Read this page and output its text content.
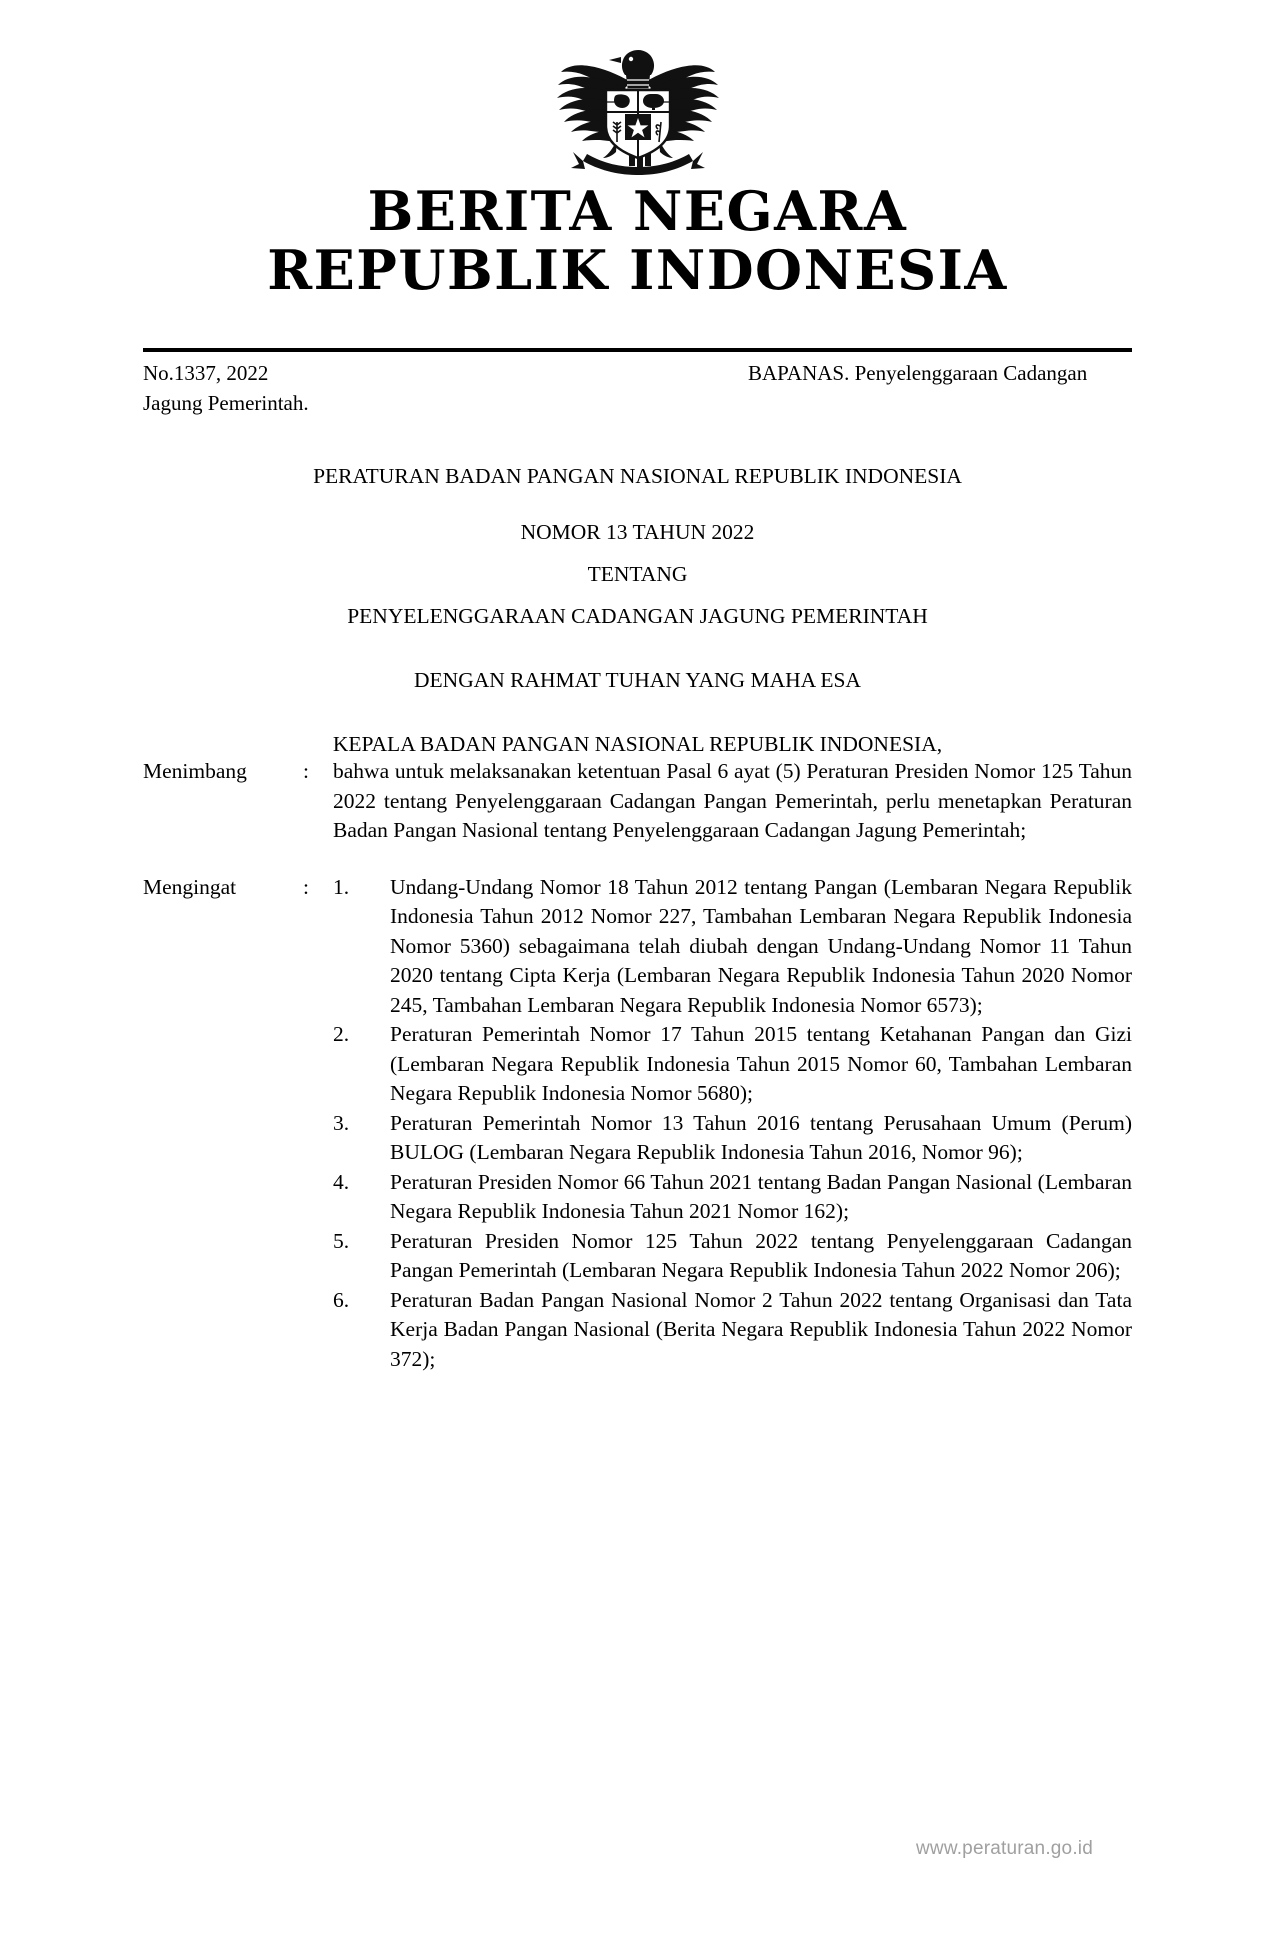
BERITA NEGARA
REPUBLIK INDONESIA
No.1337, 2022	BAPANAS. Penyelenggaraan Cadangan Jagung Pemerintah.
PERATURAN BADAN PANGAN NASIONAL REPUBLIK INDONESIA
NOMOR 13 TAHUN 2022
TENTANG
PENYELENGGARAAN CADANGAN JAGUNG PEMERINTAH
DENGAN RAHMAT TUHAN YANG MAHA ESA
KEPALA BADAN PANGAN NASIONAL REPUBLIK INDONESIA,
Menimbang	:	bahwa untuk melaksanakan ketentuan Pasal 6 ayat (5) Peraturan Presiden Nomor 125 Tahun 2022 tentang Penyelenggaraan Cadangan Pangan Pemerintah, perlu menetapkan Peraturan Badan Pangan Nasional tentang Penyelenggaraan Cadangan Jagung Pemerintah;

Mengingat	:	1.	Undang-Undang Nomor 18 Tahun 2012 tentang Pangan (Lembaran Negara Republik Indonesia Tahun 2012 Nomor 227, Tambahan Lembaran Negara Republik Indonesia Nomor 5360) sebagaimana telah diubah dengan Undang-Undang Nomor 11 Tahun 2020 tentang Cipta Kerja (Lembaran Negara Republik Indonesia Tahun 2020 Nomor 245, Tambahan Lembaran Negara Republik Indonesia Nomor 6573);
2.	Peraturan Pemerintah Nomor 17 Tahun 2015 tentang Ketahanan Pangan dan Gizi (Lembaran Negara Republik Indonesia Tahun 2015 Nomor 60, Tambahan Lembaran Negara Republik Indonesia Nomor 5680);
3.	Peraturan Pemerintah Nomor 13 Tahun 2016 tentang Perusahaan Umum (Perum) BULOG (Lembaran Negara Republik Indonesia Tahun 2016, Nomor 96);
4.	Peraturan Presiden Nomor 66 Tahun 2021 tentang Badan Pangan Nasional (Lembaran Negara Republik Indonesia Tahun 2021 Nomor 162);
5.	Peraturan Presiden Nomor 125 Tahun 2022 tentang Penyelenggaraan Cadangan Pangan Pemerintah (Lembaran Negara Republik Indonesia Tahun 2022 Nomor 206);
6.	Peraturan Badan Pangan Nasional Nomor 2 Tahun 2022 tentang Organisasi dan Tata Kerja Badan Pangan Nasional (Berita Negara Republik Indonesia Tahun 2022 Nomor 372);
www.peraturan.go.id
